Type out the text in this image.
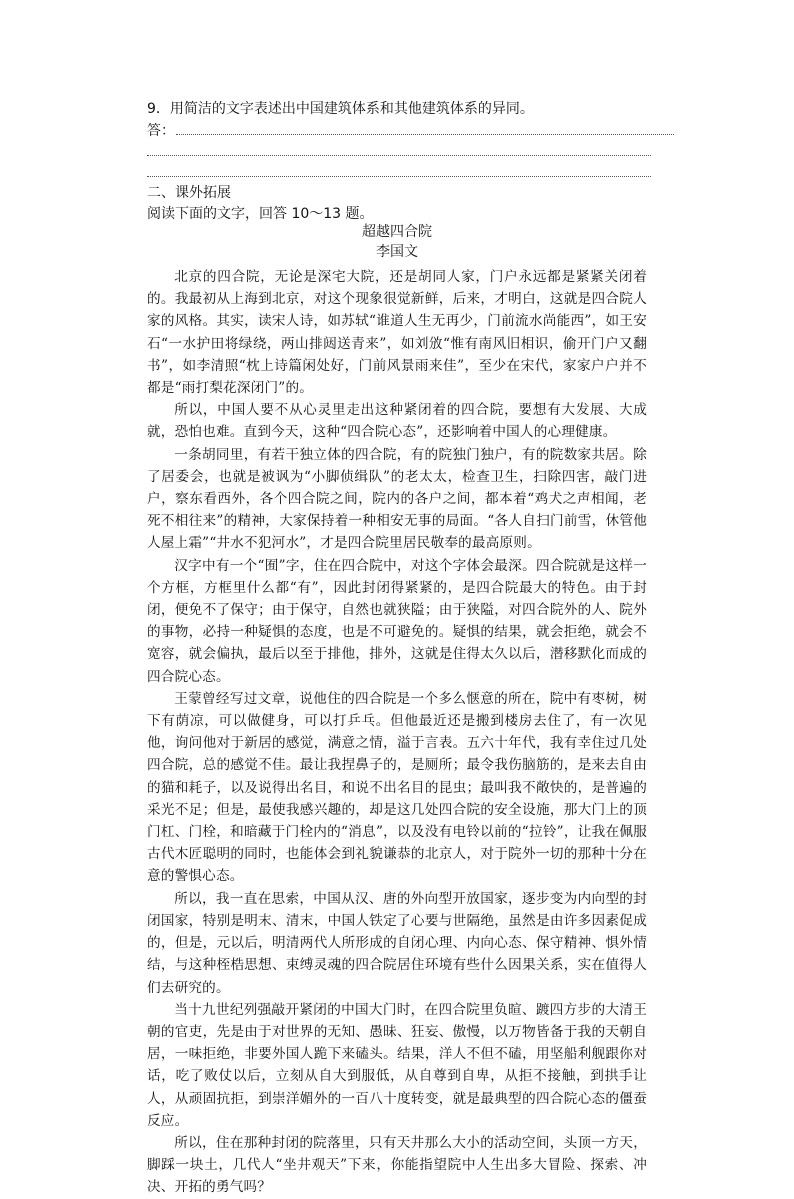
9．用简洁的文字表述出中国建筑体系和其他建筑体系的异同。
答：
二、课外拓展
阅读下面的文字，回答 10～13 题。
超越四合院
李国文

北京的四合院，无论是深宅大院，还是胡同人家，门户永远都是紧紧关闭着的。我最初从上海到北京，对这个现象很觉新鲜，后来，才明白，这就是四合院人家的风格。其实，读宋人诗，如苏轼“谁道人生无再少，门前流水尚能西”，如王安石“一水护田将绿绕，两山排闼送青来”，如刘攽“惟有南风旧相识，偷开门户又翻书”，如李清照“枕上诗篇闲处好，门前风景雨来佳”，至少在宋代，家家户户并不都是“雨打梨花深闭门”的。

所以，中国人要不从心灵里走出这种紧闭着的四合院，要想有大发展、大成就，恐怕也难。直到今天，这种“四合院心态”，还影响着中国人的心理健康。

一条胡同里，有若干独立体的四合院，有的院独门独户，有的院数家共居。除了居委会，也就是被讽为“小脚侦缉队”的老太太，检查卫生，扫除四害，敲门进户，察东看西外，各个四合院之间，院内的各户之间，都本着“鸡犬之声相闻，老死不相往来”的精神，大家保持着一种相安无事的局面。“各人自扫门前雪，休管他人屋上霜”“井水不犯河水”，才是四合院里居民敬奉的最高原则。

汉字中有一个“囿”字，住在四合院中，对这个字体会最深。四合院就是这样一个方框，方框里什么都“有”，因此封闭得紧紧的，是四合院最大的特色。由于封闭，便免不了保守；由于保守，自然也就狭隘；由于狭隘，对四合院外的人、院外的事物，必持一种疑惧的态度，也是不可避免的。疑惧的结果，就会拒绝，就会不宽容，就会偏执，最后以至于排他，排外，这就是住得太久以后，潜移默化而成的四合院心态。

王蒙曾经写过文章，说他住的四合院是一个多么惬意的所在，院中有枣树，树下有荫凉，可以做健身，可以打乒乓。但他最近还是搬到楼房去住了，有一次见他，询问他对于新居的感觉，满意之情，溢于言表。五六十年代，我有幸住过几处四合院，总的感觉不佳。最让我捏鼻子的，是厕所；最令我伤脑筋的，是来去自由的猫和耗子，以及说得出名目，和说不出名目的昆虫；最叫我不敞快的，是普遍的采光不足；但是，最使我感兴趣的，却是这几处四合院的安全设施，那大门上的顶门杠、门栓，和暗藏于门栓内的“消息”，以及没有电铃以前的“拉铃”，让我在佩服古代木匠聪明的同时，也能体会到礼貌谦恭的北京人，对于院外一切的那种十分在意的警惧心态。

所以，我一直在思索，中国从汉、唐的外向型开放国家，逐步变为内向型的封闭国家，特别是明末、清末，中国人铁定了心要与世隔绝，虽然是由许多因素促成的，但是，元以后，明清两代人所形成的自闭心理、内向心态、保守精神、惧外情结，与这种桎梏思想、束缚灵魂的四合院居住环境有些什么因果关系，实在值得人们去研究的。

当十九世纪列强敲开紧闭的中国大门时，在四合院里负暄、踱四方步的大清王朝的官吏，先是由于对世界的无知、愚昧、狂妄、傲慢，以万物皆备于我的天朝自居，一味拒绝，非要外国人跪下来磕头。结果，洋人不但不磕，用坚船利舰跟你对话，吃了败仗以后，立刻从自大到服低，从自尊到自卑，从拒不接触，到拱手让人，从顽固抗拒，到崇洋媚外的一百八十度转变，就是最典型的四合院心态的僵蚕反应。

所以，住在那种封闭的院落里，只有天井那么大小的活动空间，头顶一方天，脚踩一块土，几代人“坐井观天”下来，你能指望院中人生出多大冒险、探索、冲决、开拓的勇气吗？
